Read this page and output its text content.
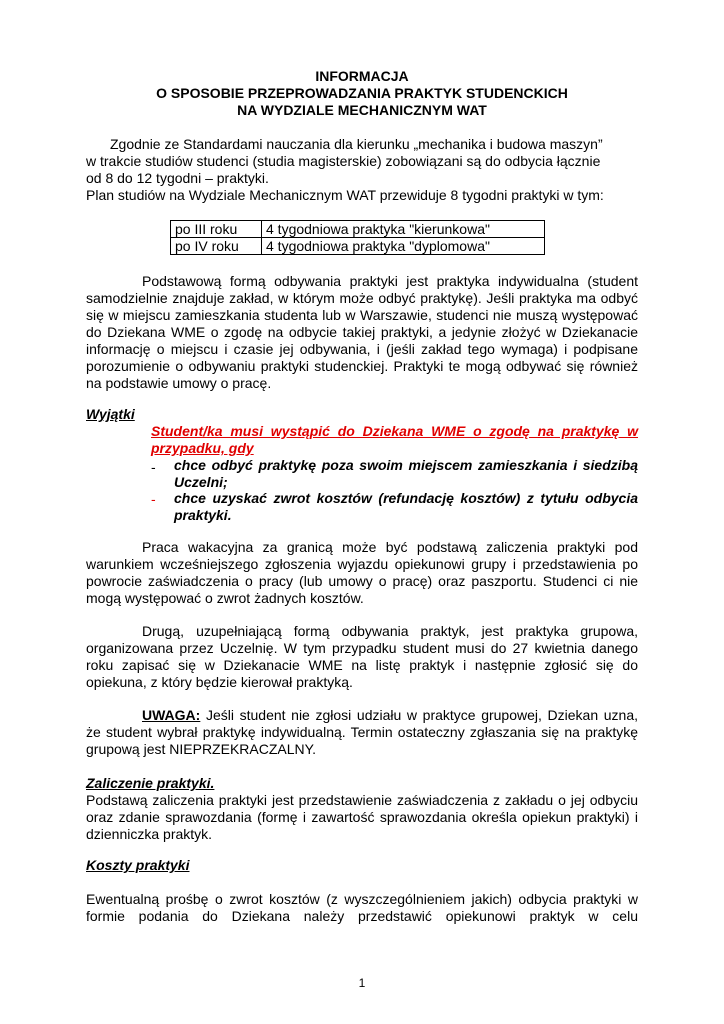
INFORMACJA
O SPOSOBIE PRZEPROWADZANIA PRAKTYK STUDENCKICH
NA WYDZIALE MECHANICZNYM WAT
Zgodnie ze Standardami nauczania dla kierunku „mechanika i budowa maszyn”
w trakcie studiów studenci (studia magisterskie) zobowiązani są do odbycia łącznie
od 8 do 12 tygodni – praktyki.
Plan studiów na Wydziale Mechanicznym WAT przewiduje 8 tygodni praktyki w tym:
po III roku	4 tygodniowa praktyka "kierunkowa"
po IV roku	4 tygodniowa praktyka "dyplomowa"
Podstawową formą odbywania praktyki jest praktyka indywidualna (student samodzielnie znajduje zakład, w którym może odbyć praktykę). Jeśli praktyka ma odbyć się w miejscu zamieszkania studenta lub w Warszawie, studenci nie muszą występować do Dziekana WME o zgodę na odbycie takiej praktyki, a jedynie złożyć w Dziekanacie informację o miejscu i czasie jej odbywania, i (jeśli zakład tego wymaga) i podpisane porozumienie o odbywaniu praktyki studenckiej. Praktyki te mogą odbywać się również na podstawie umowy o pracę.
Wyjątki
Student/ka musi wystąpić do Dziekana WME o zgodę na praktykę w przypadku, gdy
- chce odbyć praktykę poza swoim miejscem zamieszkania i siedzibą Uczelni;
- chce uzyskać zwrot kosztów (refundację kosztów) z tytułu odbycia praktyki.
Praca wakacyjna za granicą może być podstawą zaliczenia praktyki pod warunkiem wcześniejszego zgłoszenia wyjazdu opiekunowi grupy i przedstawienia po powrocie zaświadczenia o pracy (lub umowy o pracę) oraz paszportu. Studenci ci nie mogą występować o zwrot żadnych kosztów.
Drugą, uzupełniającą formą odbywania praktyk, jest praktyka grupowa, organizowana przez Uczelnię. W tym przypadku student musi do 27 kwietnia danego roku zapisać się w Dziekanacie WME na listę praktyk i następnie zgłosić się do opiekuna, z który będzie kierował praktyką.
UWAGA: Jeśli student nie zgłosi udziału w praktyce grupowej, Dziekan uzna, że student wybrał praktykę indywidualną. Termin ostateczny zgłaszania się na praktykę grupową jest NIEPRZEKRACZALNY.
Zaliczenie praktyki.
Podstawą zaliczenia praktyki jest przedstawienie zaświadczenia z zakładu o jej odbyciu oraz zdanie sprawozdania (formę i zawartość sprawozdania określa opiekun praktyki) i dzienniczka praktyk.
Koszty praktyki
Ewentualną prośbę o zwrot kosztów (z wyszczególnieniem jakich) odbycia praktyki w formie podania do Dziekana należy przedstawić opiekunowi praktyk w celu
1
